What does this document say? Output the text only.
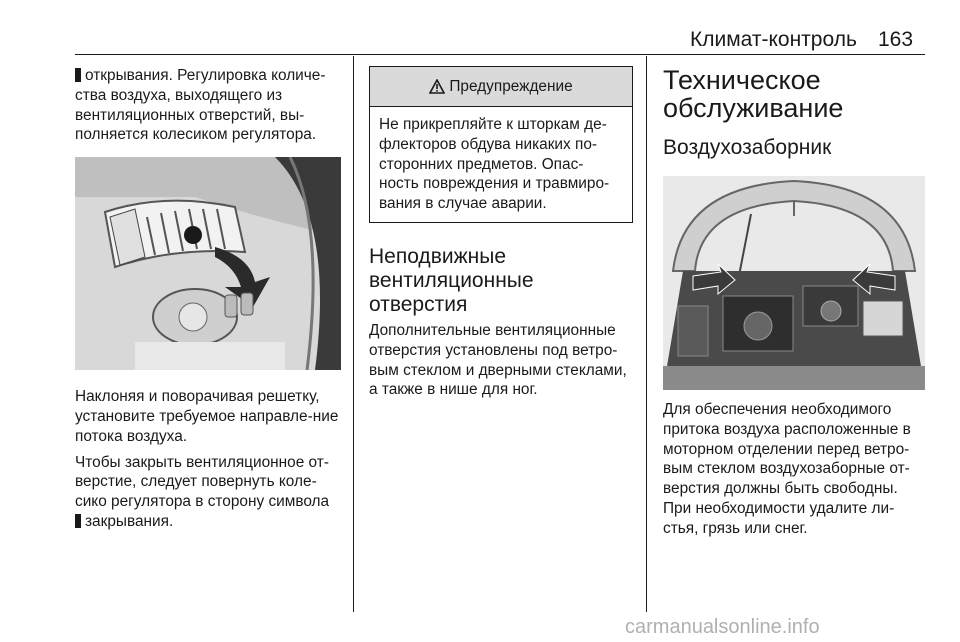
Климат-контроль 163

открывания. Регулировка количе-ства воздуха, выходящего из вентиляционных отверстий, вы-полняется колесиком регулятора.

Наклоняя и поворачивая решетку, установите требуемое направле-ние потока воздуха.

Чтобы закрыть вентиляционное от-верстие, следует повернуть коле-сико регулятора в сторону символа
закрывания.

Предупреждение
Не прикрепляйте к шторкам де-флекторов обдува никаких по-сторонних предметов. Опас-ность повреждения и травмиро-вания в случае аварии.
Неподвижные вентиляционные отверстия

Дополнительные вентиляционные отверстия установлены под ветро-вым стеклом и дверными стеклами, а также в нише для ног.

Техническое обслуживание
Воздухозаборник

Для обеспечения необходимого притока воздуха расположенные в моторном отделении перед ветро-вым стеклом воздухозаборные от-верстия должны быть свободны.

При необходимости удалите ли-стья, грязь или снег.

carmanualsonline.info
